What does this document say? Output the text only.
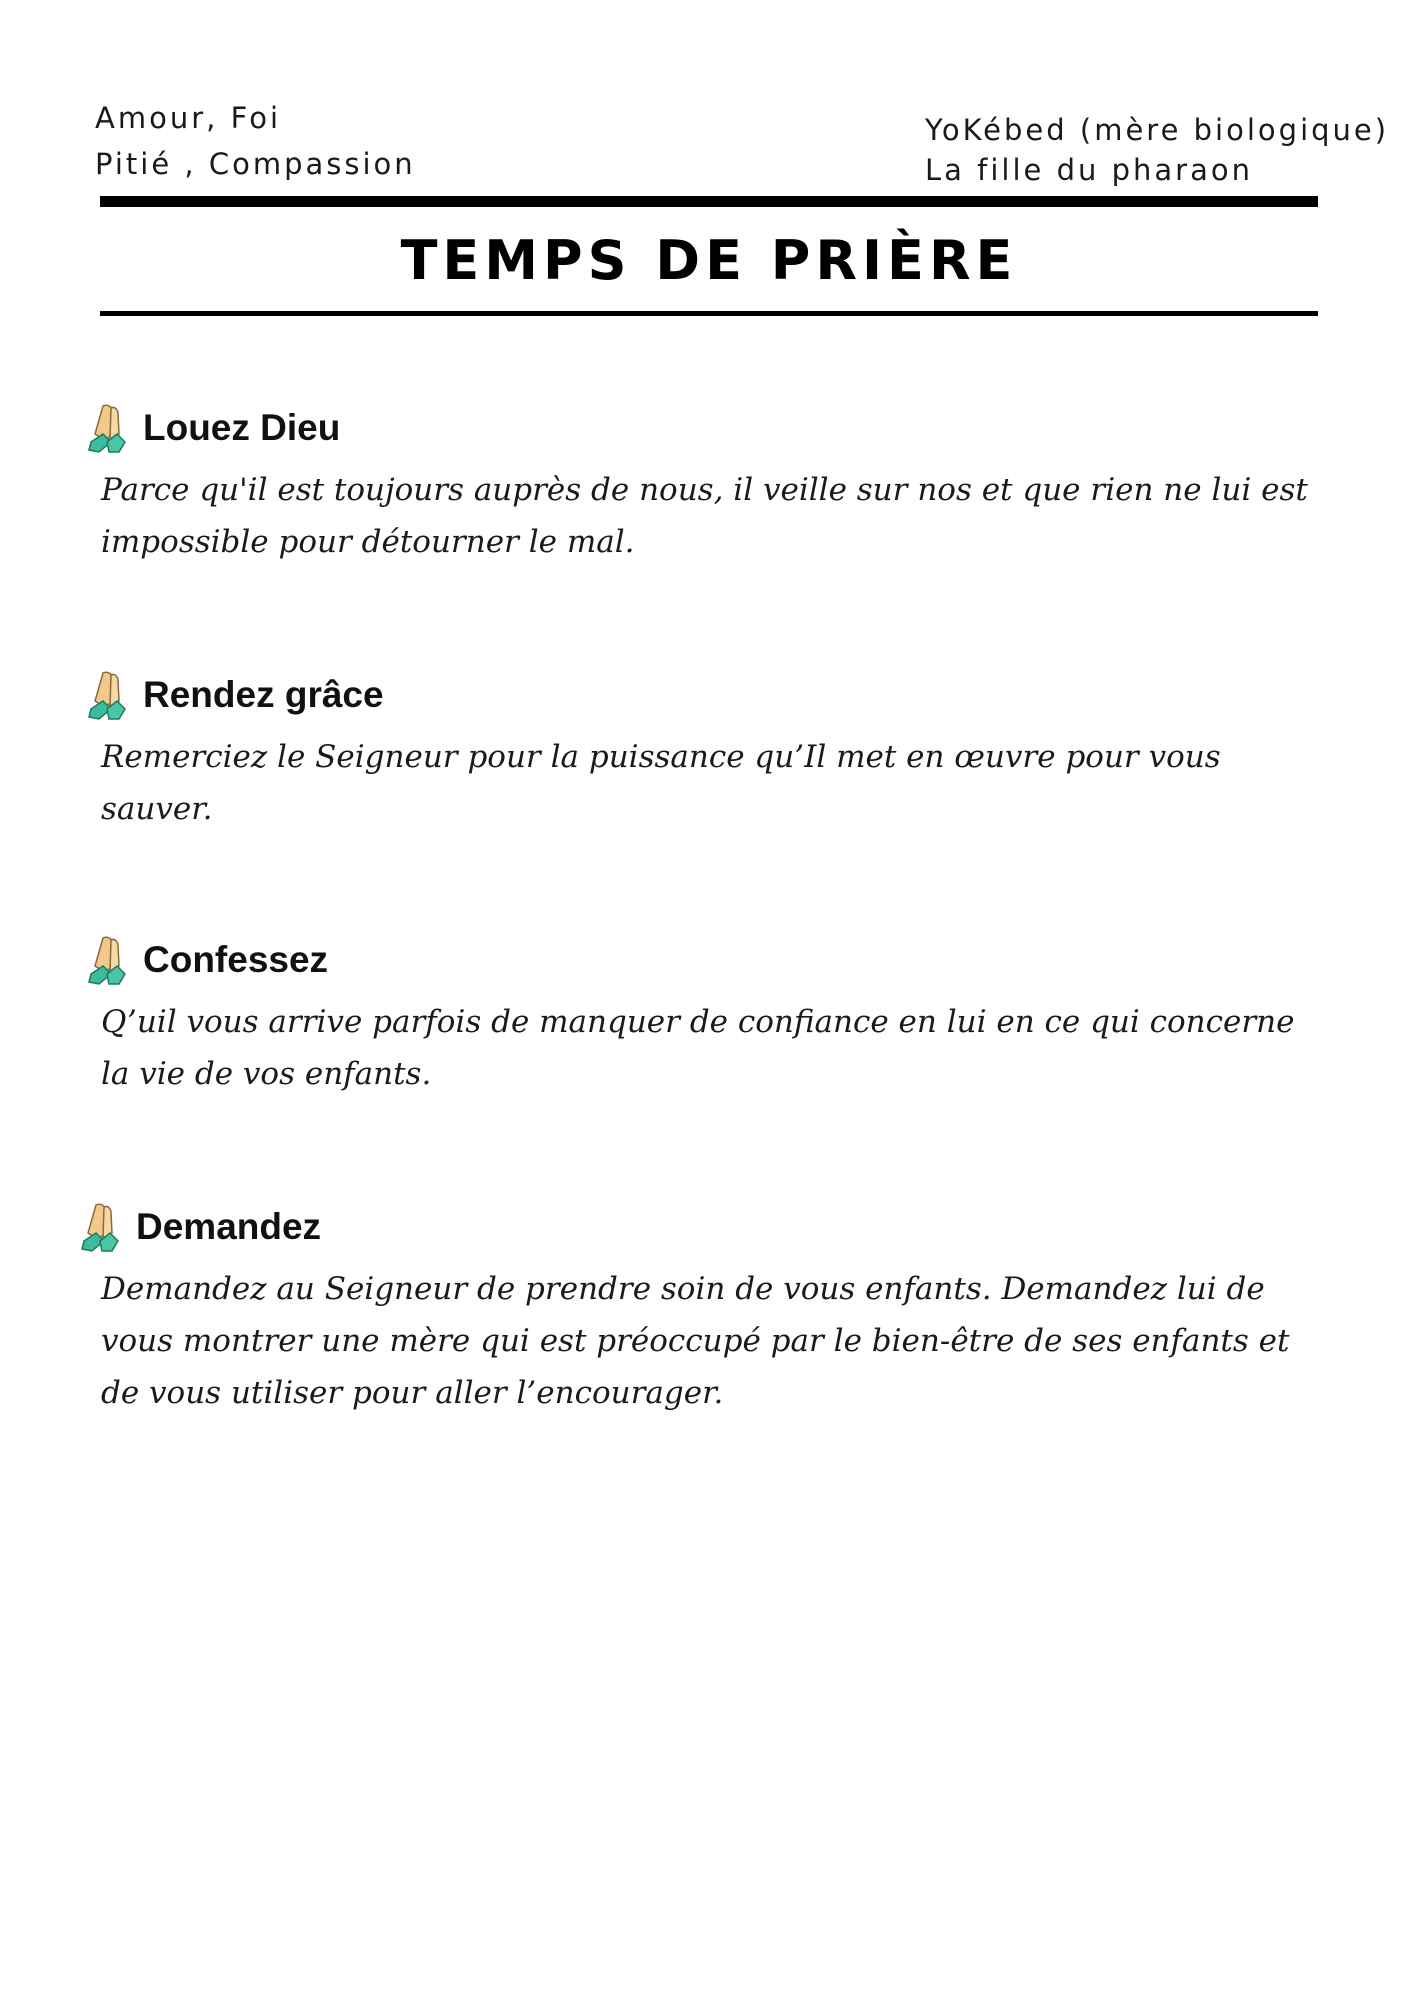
Amour, Foi
Pitié , Compassion
YoKébed (mère biologique)
La fille du pharaon
TEMPS DE PRIÈRE
Louez Dieu
Parce qu'il est toujours auprès de nous, il veille sur nos et que rien ne lui est impossible pour détourner le mal.
Rendez grâce
Remerciez le Seigneur pour la puissance qu’Il met en œuvre pour vous sauver.
Confessez
Q’uil vous arrive parfois de manquer de confiance en lui en ce qui concerne la vie de vos enfants.
Demandez
Demandez au Seigneur de prendre soin de vous enfants. Demandez lui de vous montrer une mère qui est préoccupé par le bien-être de ses enfants et de vous utiliser pour aller l’encourager.
